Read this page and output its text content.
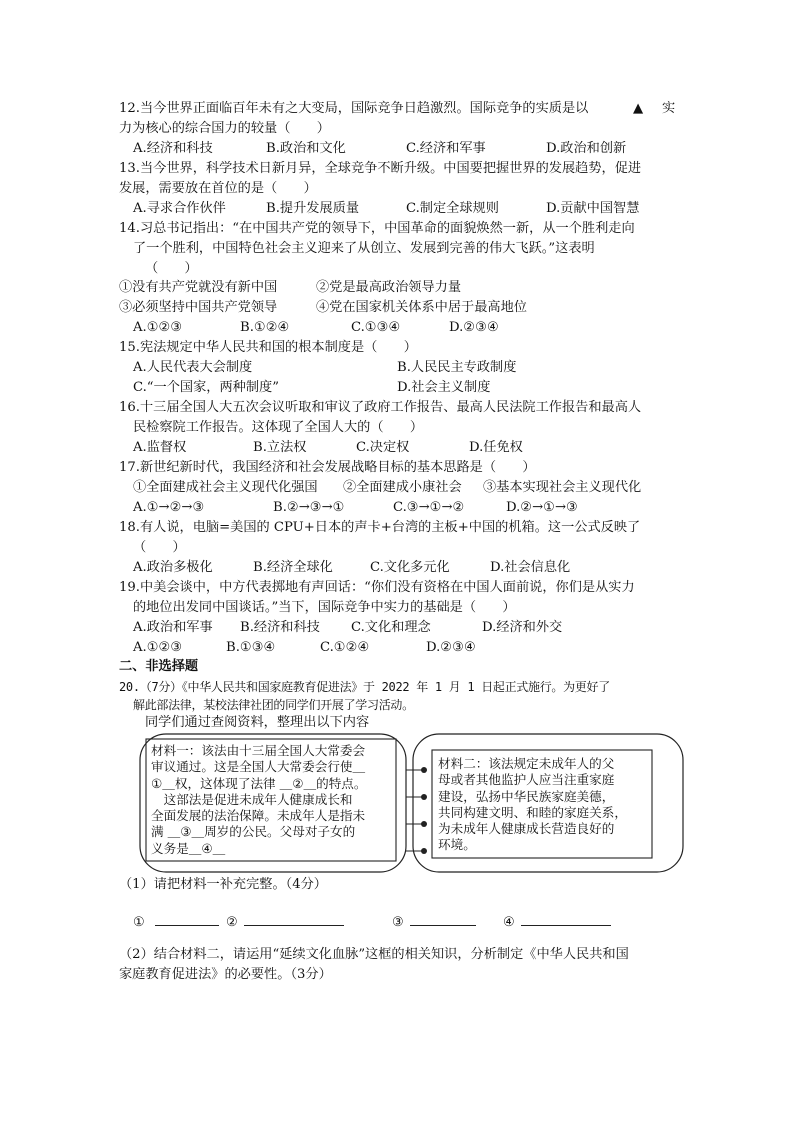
12.当今世界正面临百年未有之大变局，国际竞争日趋激烈。国际竞争的实质是以	▲ 实
力为核心的综合国力的较量（　　）
A.经济和科技	B.政治和文化	C.经济和军事	D.政治和创新
13.当今世界，科学技术日新月异，全球竞争不断升级。中国要把握世界的发展趋势，促进
发展，需要放在首位的是（　　）
A.寻求合作伙伴	B.提升发展质量	C.制定全球规则	D.贡献中国智慧
14.习总书记指出：“在中国共产党的领导下，中国革命的面貌焕然一新，从一个胜利走向
了一个胜利，中国特色社会主义迎来了从创立、发展到完善的伟大飞跃。”这表明
（　　）
①没有共产党就没有新中国	②党是最高政治领导力量
③必须坚持中国共产党领导	④党在国家机关体系中居于最高地位
A.①②③	B.①②④	C.①③④	D.②③④
15.宪法规定中华人民共和国的根本制度是（　　）
A.人民代表大会制度	B.人民民主专政制度
C.“一个国家，两种制度”	D.社会主义制度
16.十三届全国人大五次会议听取和审议了政府工作报告、最高人民法院工作报告和最高人
民检察院工作报告。这体现了全国人大的（　　）
A.监督权	B.立法权	C.决定权	D.任免权
17.新世纪新时代，我国经济和社会发展战略目标的基本思路是（　　）
①全面建成社会主义现代化强国 ②全面建成小康社会 ③基本实现社会主义现代化
A.①→②→③	B.②→③→①	C.③→①→②	D.②→①→③
18.有人说，电脑=美国的 CPU+日本的声卡+台湾的主板+中国的机箱。这一公式反映了
（　　）
A.政治多极化	B.经济全球化	C.文化多元化	D.社会信息化
19.中美会谈中，中方代表掷地有声回话：“你们没有资格在中国人面前说，你们是从实力
的地位出发同中国谈话。”当下，国际竞争中实力的基础是（　　）
A.政治和军事 B.经济和科技 C.文化和理念	D.经济和外交
A.①②③	B.①③④	C.①②④	D.②③④
二、非选择题
20.（7分）《中华人民共和国家庭教育促进法》于 2022 年 1 月 1 日起正式施行。为更好了
解此部法律，某校法律社团的同学们开展了学习活动。
同学们通过查阅资料，整理出以下内容
材料一：该法由十三届全国人大常委会
审议通过。这是全国人大常委会行使＿
①＿权，这体现了法律 ＿②＿的特点。
　这部法是促进未成年人健康成长和
全面发展的法治保障。未成年人是指未
满 ＿③＿周岁的公民。父母对子女的
义务是＿④＿
材料二：该法规定未成年人的父
母或者其他监护人应当注重家庭
建设，弘扬中华民族家庭美德，
共同构建文明、和睦的家庭关系，
为未成年人健康成长营造良好的
环境。
（1）请把材料一补充完整。（4分）
①	②	③	④
（2）结合材料二，请运用“延续文化血脉”这框的相关知识，分析制定《中华人民共和国
家庭教育促进法》的必要性。（3分）
